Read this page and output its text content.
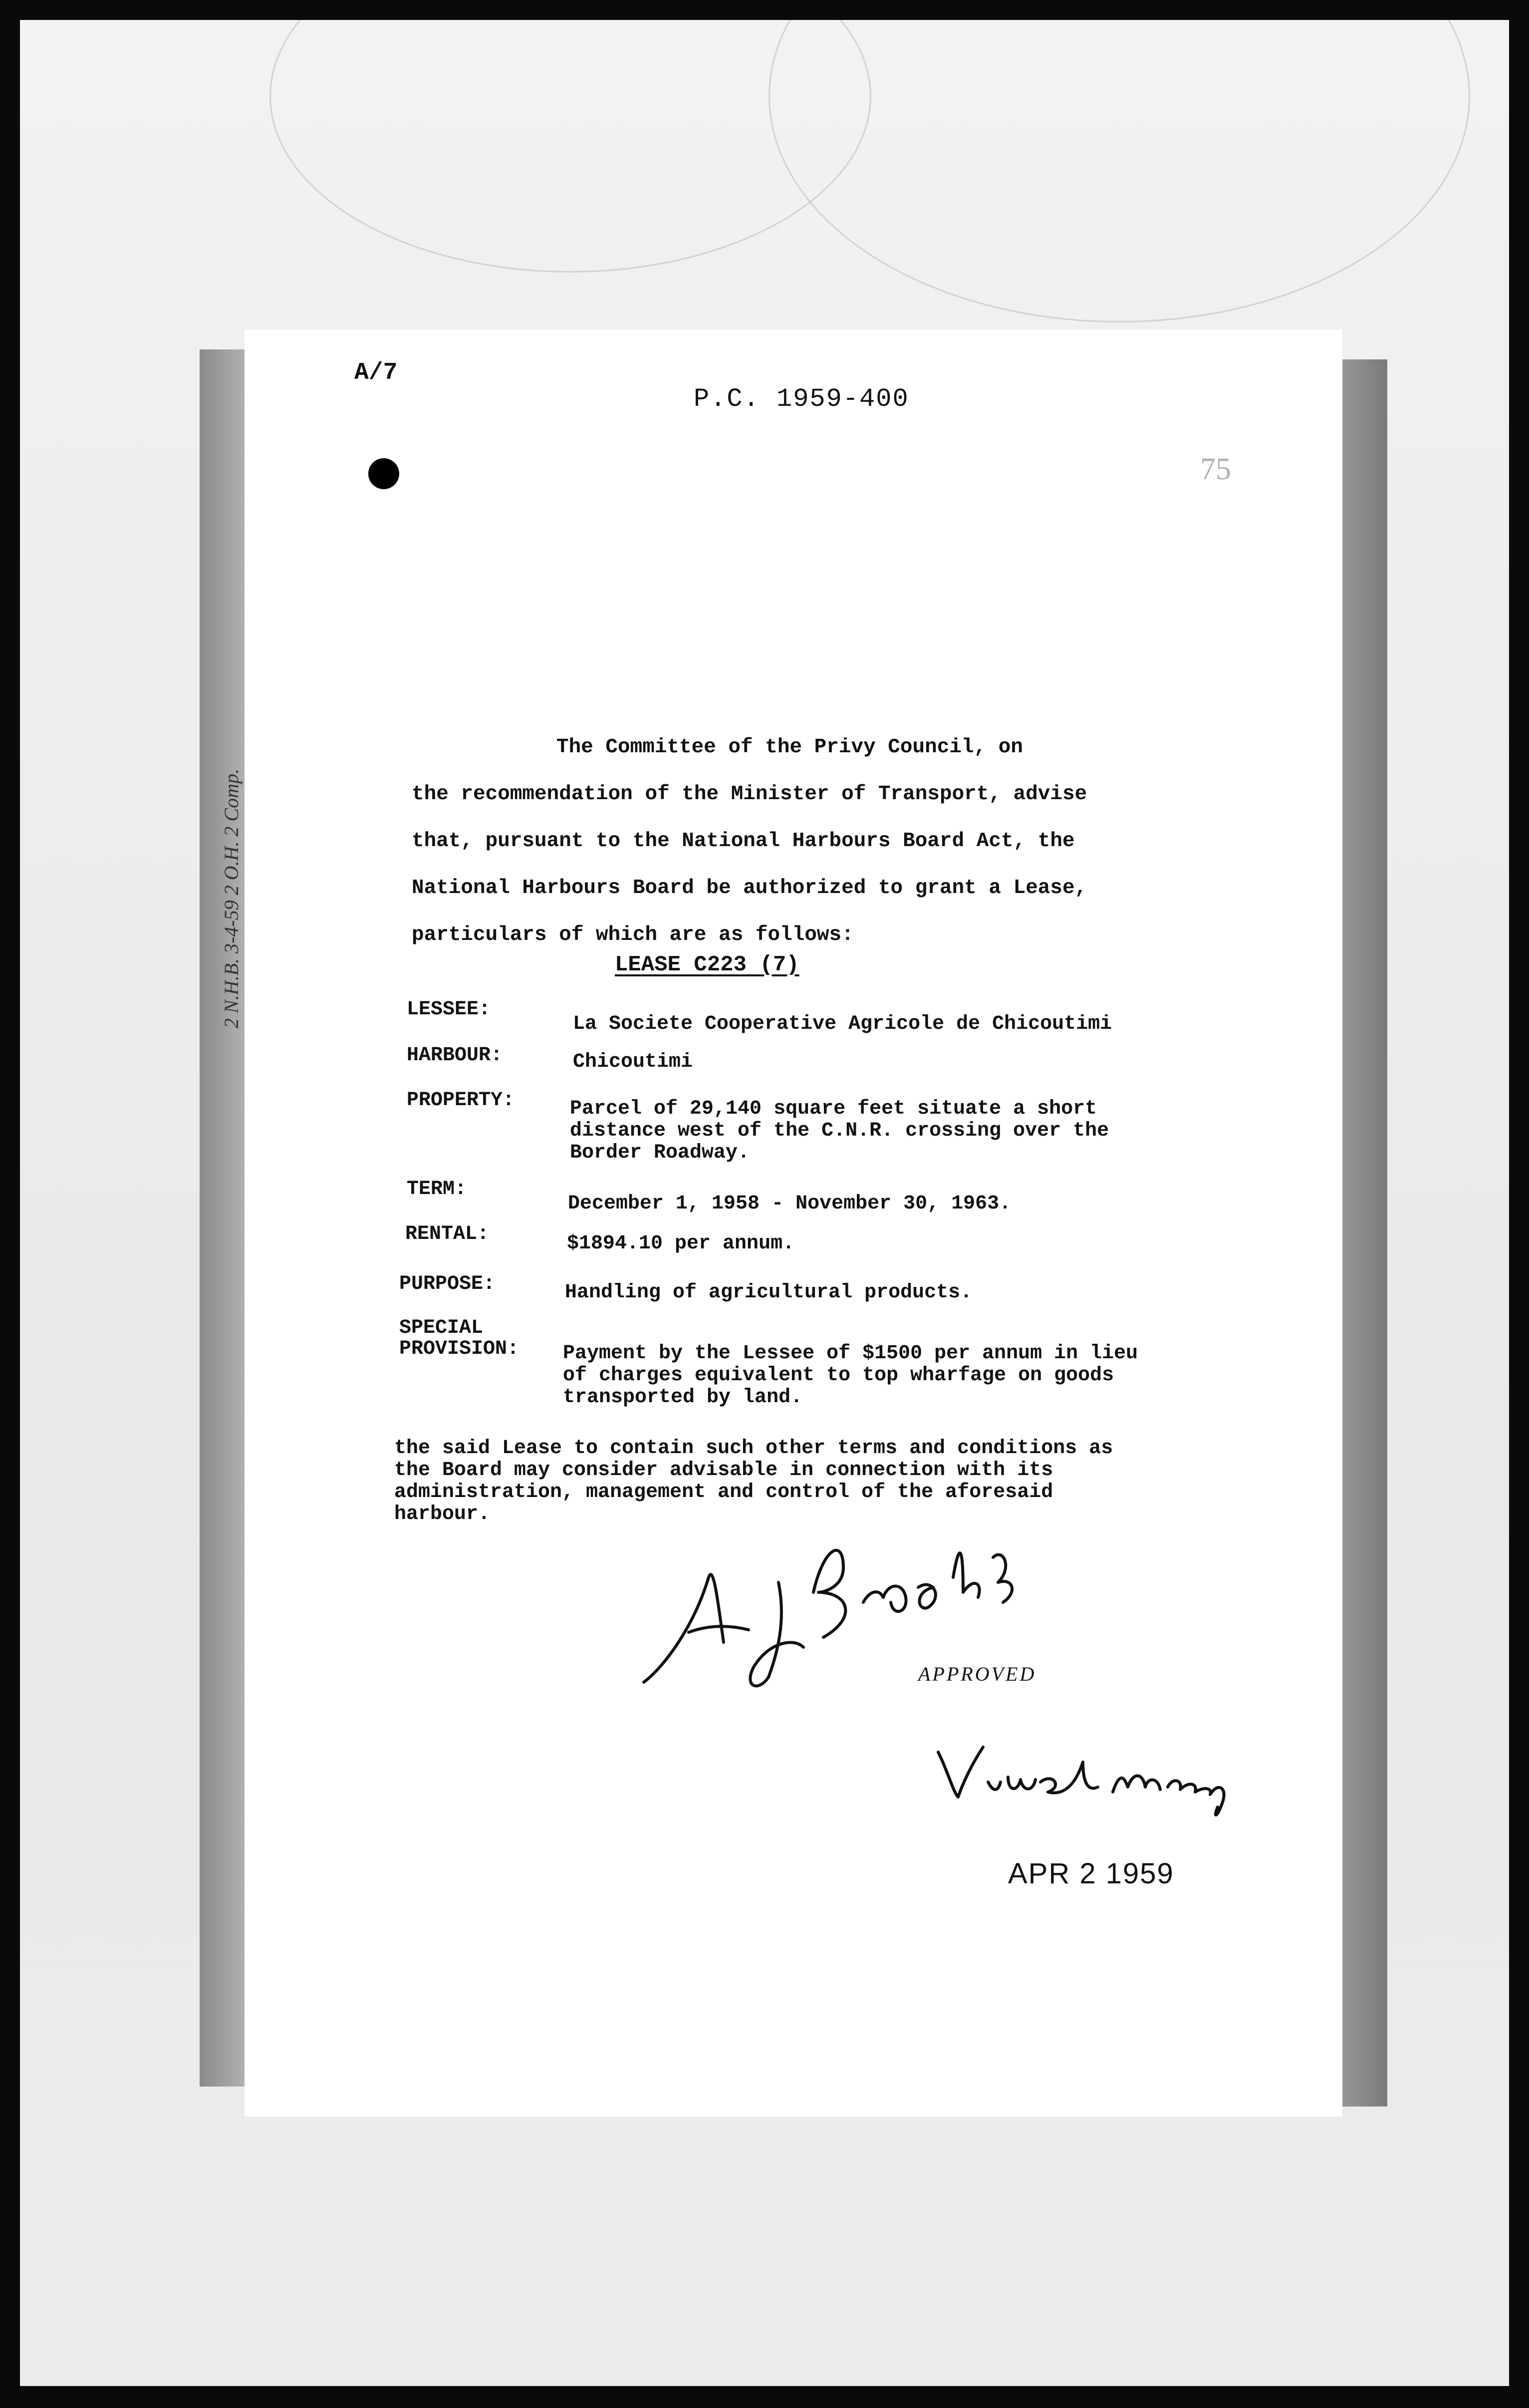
A/7
P.C. 1959-400
75
The Committee of the Privy Council, on
the recommendation of the Minister of Transport, advise
that, pursuant to the National Harbours Board Act, the
National Harbours Board be authorized to grant a Lease,
particulars of which are as follows:
LEASE C223 (7)
LESSEE:
La Societe Cooperative Agricole de Chicoutimi
HARBOUR:	Chicoutimi
PROPERTY:	Parcel of 29,140 square feet situate a short
distance west of the C.N.R. crossing over the
Border Roadway.
TERM:
December 1, 1958 - November 30, 1963.
RENTAL:	$1894.10 per annum.
PURPOSE:	Handling of agricultural products.
SPECIAL
PROVISION: Payment by the Lessee of $1500 per annum in lieu
of charges equivalent to top wharfage on goods
transported by land.
the said Lease to contain such other terms and conditions as
the Board may consider advisable in connection with its
administration, management and control of the aforesaid
harbour.
APPROVED
APR 2 1959
2 N.H.B. 3-4-59 2 O.H. 2 Comp.
